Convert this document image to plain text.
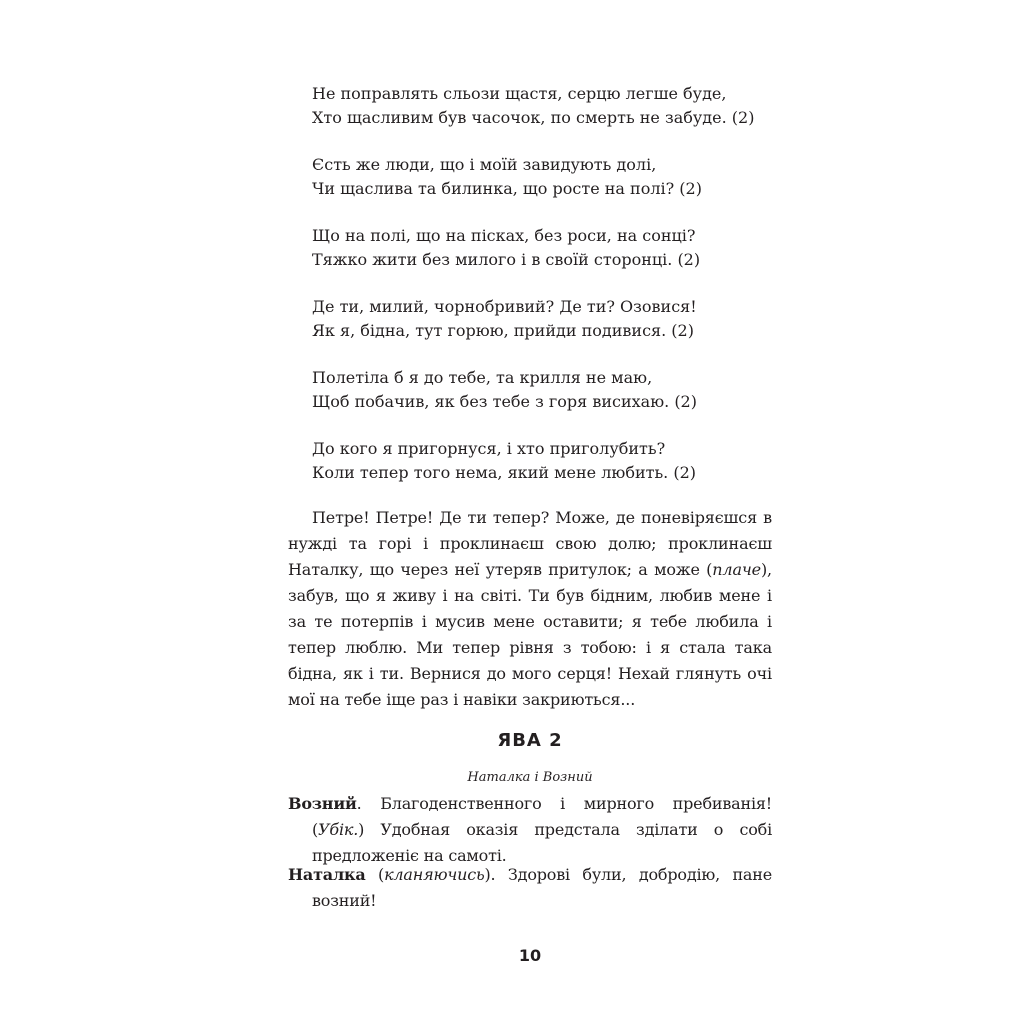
Не поправлять сльози щастя, серцю легше буде,
Хто щасливим був часочок, по смерть не забуде. (2)
Єсть же люди, що і моїй завидують долі,
Чи щаслива та билинка, що росте на полі? (2)
Що на полі, що на пісках, без роси, на сонці?
Тяжко жити без милого і в своїй сторонці. (2)
Де ти, милий, чорнобривий? Де ти? Озовися!
Як я, бідна, тут горюю, прийди подивися. (2)
Полетіла б я до тебе, та крилля не маю,
Щоб побачив, як без тебе з горя висихаю. (2)
До кого я пригорнуся, і хто приголубить?
Коли тепер того нема, який мене любить. (2)
Петре! Петре! Де ти тепер? Може, де поневіряєшся в нужді та горі і проклинаєш свою долю; проклинаєш Наталку, що через неї утеряв притулок; а може (плаче), забув, що я живу і на світі. Ти був бідним, любив мене і за те потерпів і мусив мене оставити; я тебе любила і тепер люблю. Ми тепер рівня з тобою: і я стала така бідна, як і ти. Вернися до мого серця! Нехай глянуть очі мої на тебе іще раз і навіки закриються...
ЯВА 2
Наталка і Возний
Возний. Благоденственного і мирного пребиванія! (Убік.) Удобная оказія предстала зділати о собі предложеніє на самоті.
Наталка (кланяючись). Здорові були, добродію, пане возний!
10
